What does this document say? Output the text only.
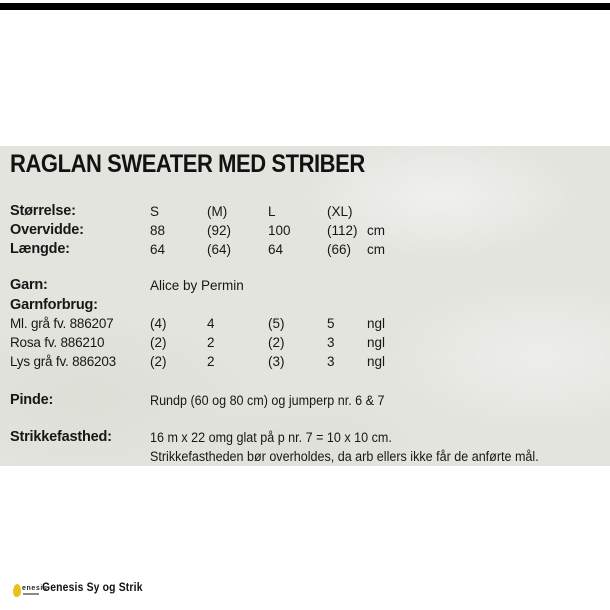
RAGLAN SWEATER MED STRIBER
Størrelse:	S	(M)	L	(XL)
Overvidde:	88	(92)	100	(112) cm
Længde:	64	(64)	64	(66) cm
Garn:	Alice by Permin
Garnforbrug:
Ml. grå fv. 886207	(4)	4	(5)	5 ngl
Rosa fv. 886210	(2)	2	(2)	3 ngl
Lys grå fv. 886203	(2)	2	(3)	3 ngl
Pinde:	Rundp (60 og 80 cm) og jumperp nr. 6 & 7
Strikkefasthed:	16 m x 22 omg glat på p nr. 7 = 10 x 10 cm.
Strikkefastheden bør overholdes, da arb ellers ikke får de anførte mål.
enesis
Genesis Sy og Strik
